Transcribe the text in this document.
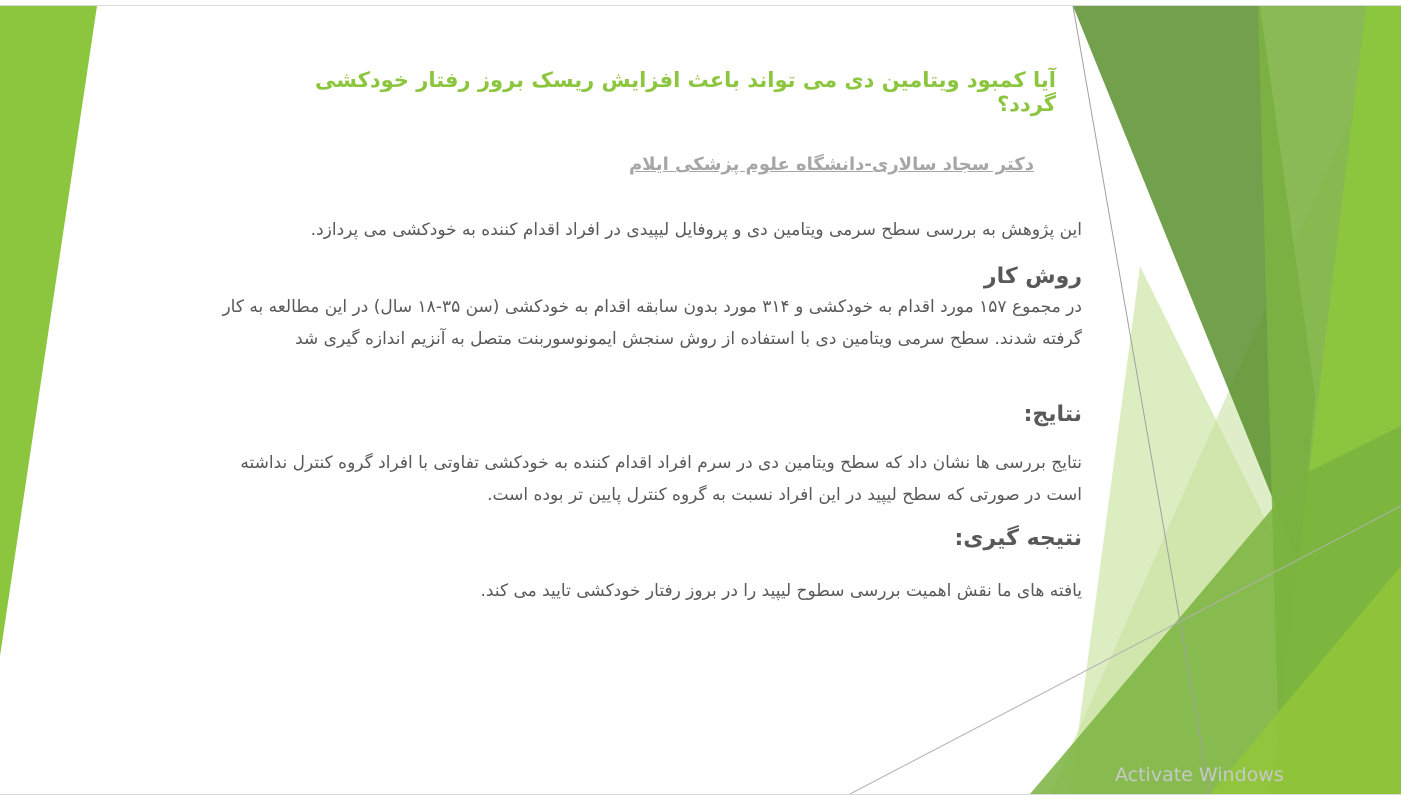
آیا کمبود ویتامین دی می تواند باعث افزایش ریسک بروز رفتار خودکشی گردد؟

دکتر سجاد سالاری-دانشگاه علوم پزشکی ایلام

این پژوهش به بررسی سطح سرمی ویتامین دی و پروفایل لیپیدی در افراد اقدام کننده به خودکشی می پردازد.

روش کار

در مجموع ۱۵۷ مورد اقدام به خودکشی و ۳۱۴ مورد بدون سابقه اقدام به خودکشی (سن ۳۵-۱۸ سال) در این مطالعه به کار گرفته شدند. سطح سرمی ویتامین دی با استفاده از روش سنجش ایمونوسوربنت متصل به آنزیم اندازه گیری شد

نتایج:

نتایج بررسی ها نشان داد که سطح ویتامین دی در سرم افراد اقدام کننده به خودکشی تفاوتی با افراد گروه کنترل نداشته است در صورتی که سطح لیپید در این افراد نسبت به گروه کنترل پایین تر بوده است.

نتیجه گیری:

یافته های ما نقش اهمیت بررسی سطوح لیپید را در بروز رفتار خودکشی تایید می کند.

Activate Windows
